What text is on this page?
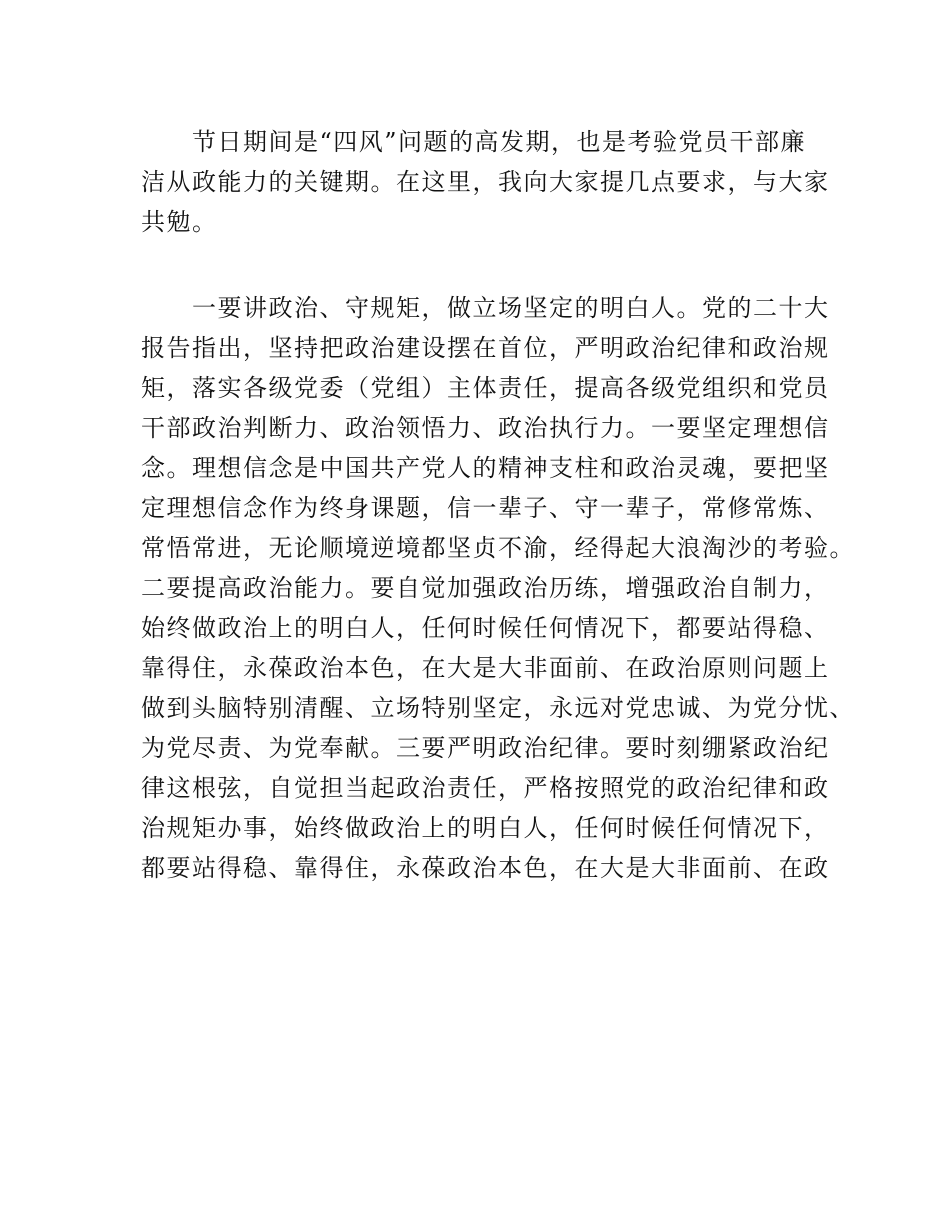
节日期间是“四风”问题的高发期，也是考验党员干部廉
洁从政能力的关键期。在这里，我向大家提几点要求，与大家
共勉。
一要讲政治、守规矩，做立场坚定的明白人。党的二十大
报告指出，坚持把政治建设摆在首位，严明政治纪律和政治规
矩，落实各级党委（党组）主体责任，提高各级党组织和党员
干部政治判断力、政治领悟力、政治执行力。一要坚定理想信
念。理想信念是中国共产党人的精神支柱和政治灵魂，要把坚
定理想信念作为终身课题，信一辈子、守一辈子，常修常炼、
常悟常进，无论顺境逆境都坚贞不渝，经得起大浪淘沙的考验。
二要提高政治能力。要自觉加强政治历练，增强政治自制力，
始终做政治上的明白人，任何时候任何情况下，都要站得稳、
靠得住，永葆政治本色，在大是大非面前、在政治原则问题上
做到头脑特别清醒、立场特别坚定，永远对党忠诚、为党分忧、
为党尽责、为党奉献。三要严明政治纪律。要时刻绷紧政治纪
律这根弦，自觉担当起政治责任，严格按照党的政治纪律和政
治规矩办事，始终做政治上的明白人，任何时候任何情况下，
都要站得稳、靠得住，永葆政治本色，在大是大非面前、在政
